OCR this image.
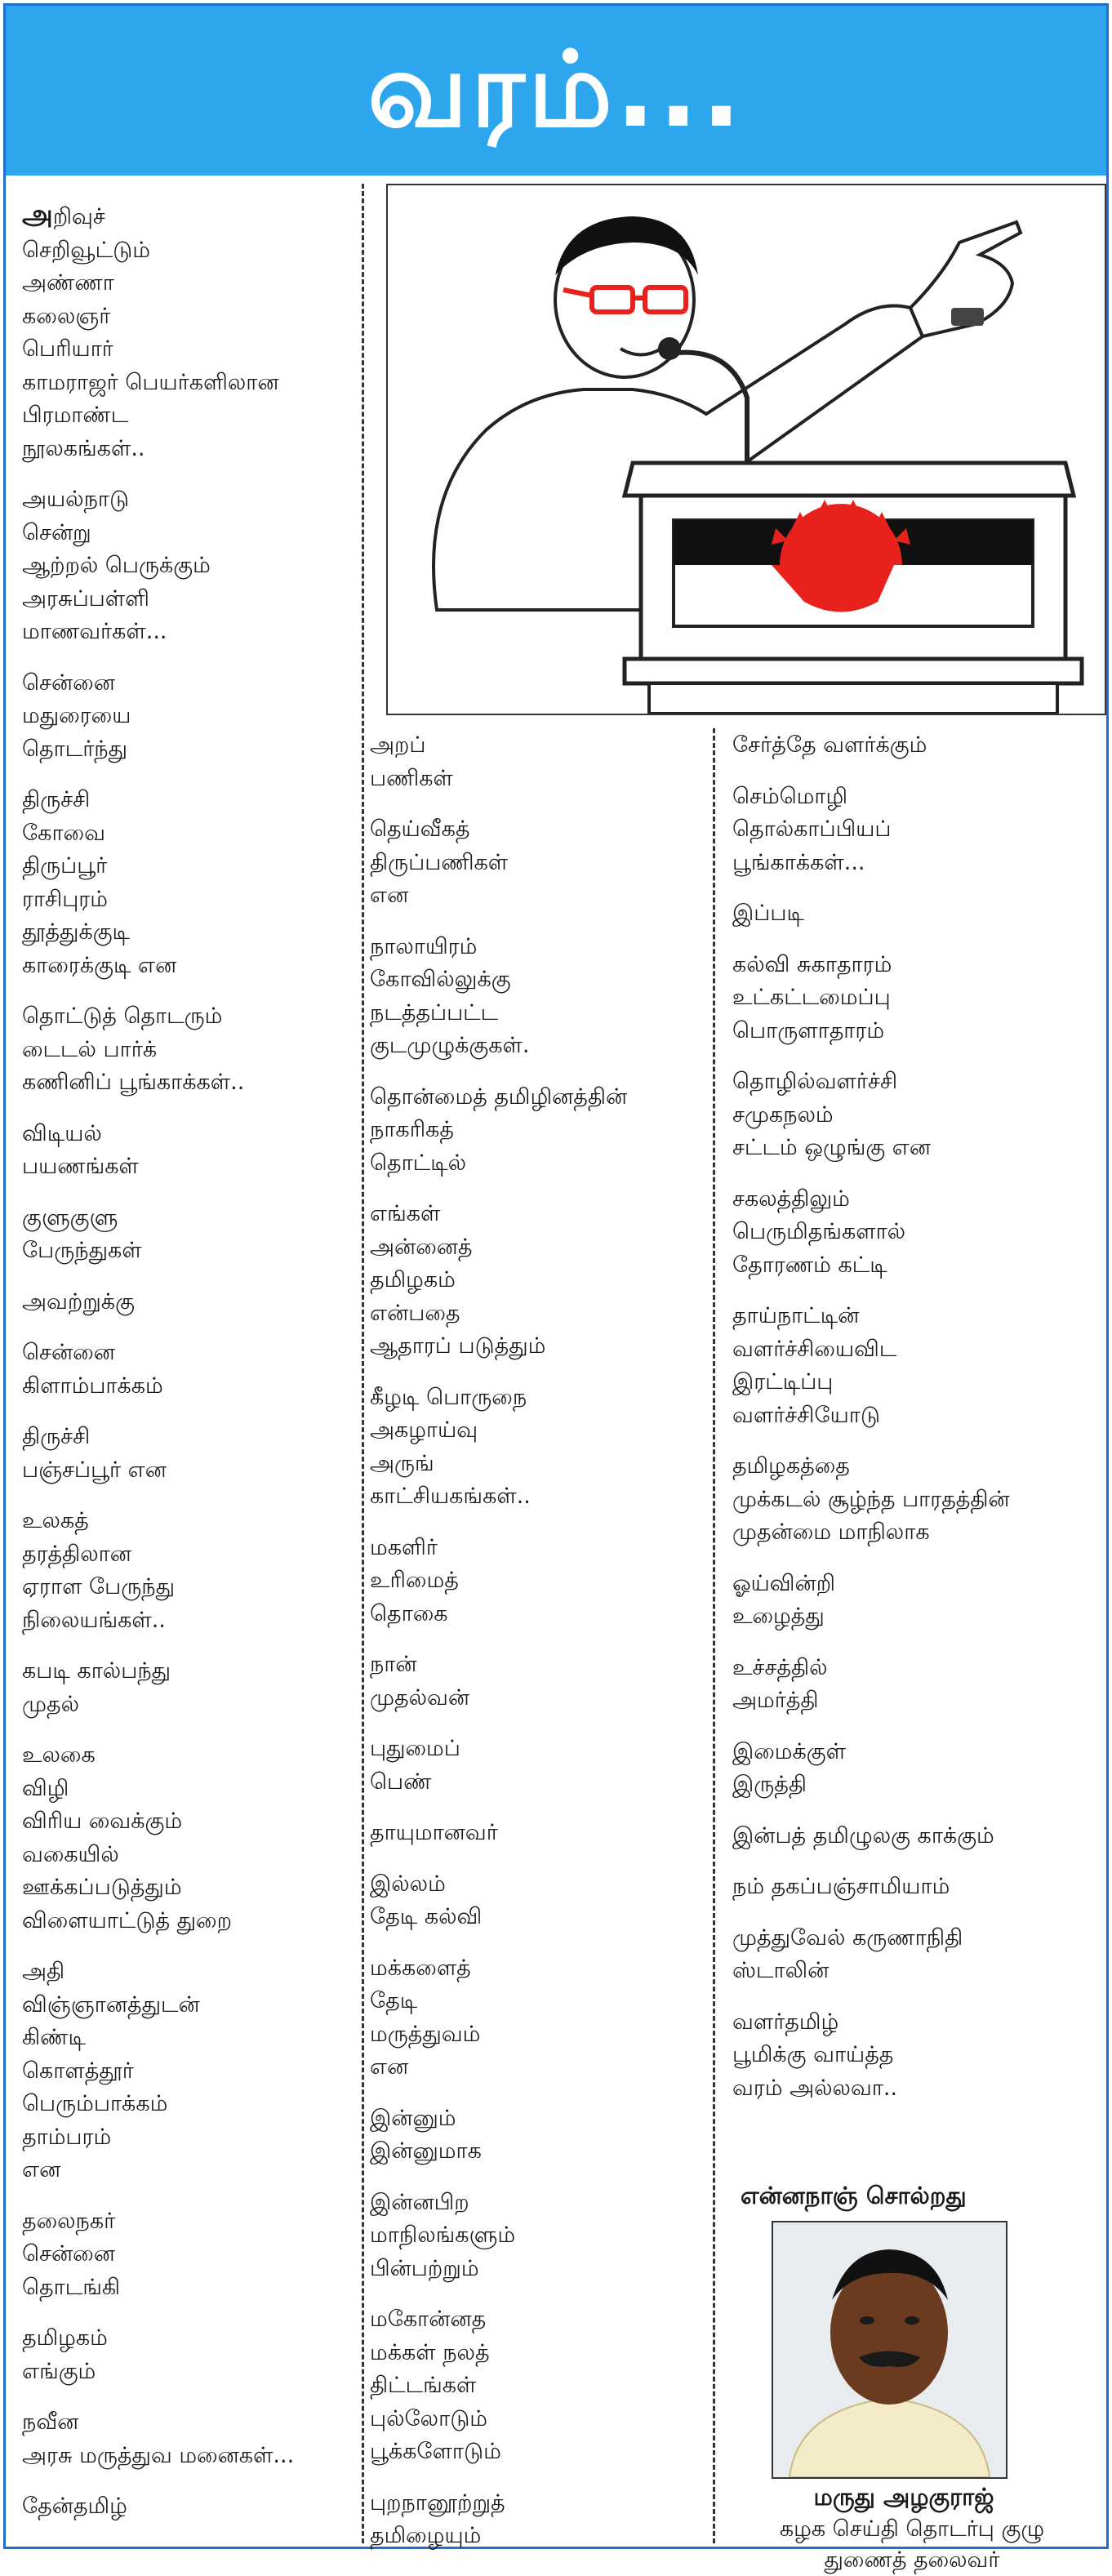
வரம்...
அறிவுச்
செறிவூட்டும்
அண்ணா
கலைஞர்
பெரியார்
காமராஜர் பெயர்களிலான
பிரமாண்ட
நூலகங்கள்..
அயல்நாடு
சென்று
ஆற்றல் பெருக்கும்
அரசுப்பள்ளி
மாணவர்கள்...
சென்னை
மதுரையை
தொடர்ந்து
திருச்சி
கோவை
திருப்பூர்
ராசிபுரம்
தூத்துக்குடி
காரைக்குடி என
தொட்டுத் தொடரும்
டைடல் பார்க்
கணினிப் பூங்காக்கள்..
விடியல்
பயணங்கள்
குளுகுளு
பேருந்துகள்
அவற்றுக்கு
சென்னை
கிளாம்பாக்கம்
திருச்சி
பஞ்சப்பூர் என
உலகத்
தரத்திலான
ஏராள பேருந்து
நிலையங்கள்..
கபடி கால்பந்து
முதல்
உலகை
விழி
விரிய வைக்கும்
வகையில்
ஊக்கப்படுத்தும்
விளையாட்டுத் துறை
அதி
விஞ்ஞானத்துடன்
கிண்டி
கொளத்தூர்
பெரும்பாக்கம்
தாம்பரம்
என
தலைநகர்
சென்னை
தொடங்கி
தமிழகம்
எங்கும்
நவீன
அரசு மருத்துவ மனைகள்...
தேன்தமிழ்
அறப்
பணிகள்
தெய்வீகத்
திருப்பணிகள்
என
நாலாயிரம்
கோவில்லுக்கு
நடத்தப்பட்ட
குடமுழுக்குகள்.
தொன்மைத் தமிழினத்தின்
நாகரிகத்
தொட்டில்
எங்கள்
அன்னைத்
தமிழகம்
என்பதை
ஆதாரப் படுத்தும்
கீழடி பொருநை
அகழாய்வு
அருங்
காட்சியகங்கள்..
மகளிர்
உரிமைத்
தொகை
நான்
முதல்வன்
புதுமைப்
பெண்
தாயுமானவர்
இல்லம்
தேடி கல்வி
மக்களைத்
தேடி
மருத்துவம்
என
இன்னும்
இன்னுமாக
இன்னபிற
மாநிலங்களும்
பின்பற்றும்
மகோன்னத
மக்கள் நலத்
திட்டங்கள்
புல்லோடும்
பூக்களோடும்
புறநானூற்றுத்
தமிழையும்
சேர்த்தே வளர்க்கும்
செம்மொழி
தொல்காப்பியப்
பூங்காக்கள்...
இப்படி
கல்வி சுகாதாரம்
உட்கட்டமைப்பு
பொருளாதாரம்
தொழில்வளர்ச்சி
சமுகநலம்
சட்டம் ஒழுங்கு என
சகலத்திலும்
பெருமிதங்களால்
தோரணம் கட்டி
தாய்நாட்டின்
வளர்ச்சியைவிட
இரட்டிப்பு
வளர்ச்சியோடு
தமிழகத்தை
முக்கடல் சூழ்ந்த பாரதத்தின்
முதன்மை மாநிலாக
ஓய்வின்றி
உழைத்து
உச்சத்தில்
அமர்த்தி
இமைக்குள்
இருத்தி
இன்பத் தமிழுலகு காக்கும்
நம் தகப்பஞ்சாமியாம்
முத்துவேல் கருணாநிதி
ஸ்டாலின்
வளர்தமிழ்
பூமிக்கு வாய்த்த
வரம் அல்லவா..
என்னநாஞ் சொல்றது
மருது அழகுராஜ்
கழக செய்தி தொடர்பு குழு
துணைத் தலைவர்
